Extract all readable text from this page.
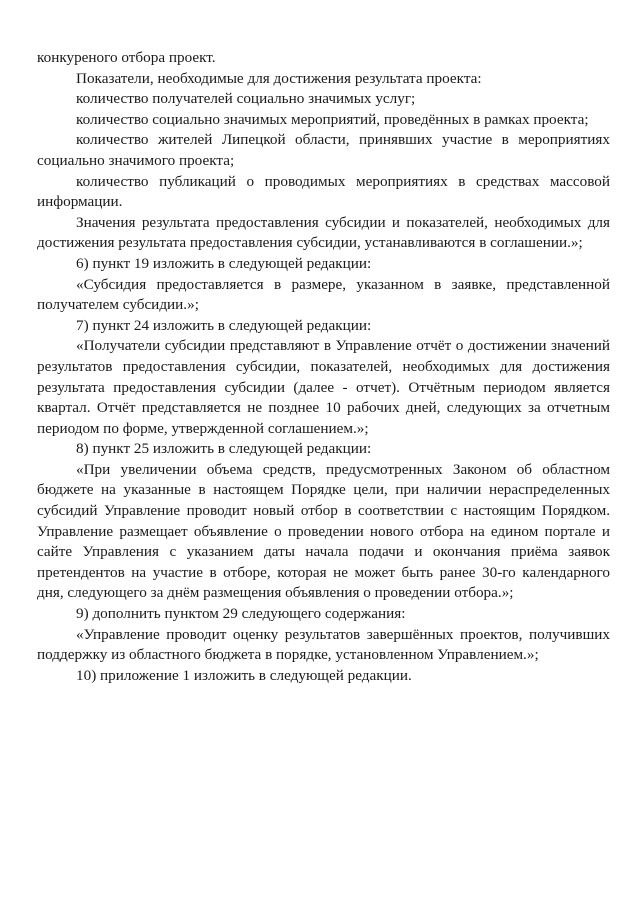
конкуреного отбора проект.

Показатели, необходимые для достижения результата проекта:

количество получателей социально значимых услуг;

количество социально значимых мероприятий, проведённых в рамках проекта;

количество жителей Липецкой области, принявших участие в мероприятиях социально значимого проекта;

количество публикаций о проводимых мероприятиях в средствах массовой информации.

Значения результата предоставления субсидии и показателей, необходимых для достижения результата предоставления субсидии, устанавливаются в соглашении.»;

6) пункт 19 изложить в следующей редакции:

«Субсидия предоставляется в размере, указанном в заявке, представленной получателем субсидии.»;

7) пункт 24 изложить в следующей редакции:

«Получатели субсидии представляют в Управление отчёт о достижении значений результатов предоставления субсидии, показателей, необходимых для достижения результата предоставления субсидии (далее - отчет). Отчётным периодом является квартал. Отчёт представляется не позднее 10 рабочих дней, следующих за отчетным периодом по форме, утвержденной соглашением.»;

8) пункт 25 изложить в следующей редакции:

«При увеличении объема средств, предусмотренных Законом об областном бюджете на указанные в настоящем Порядке цели, при наличии нераспределенных субсидий Управление проводит новый отбор в соответствии с настоящим Порядком. Управление размещает объявление о проведении нового отбора на едином портале и сайте Управления с указанием даты начала подачи и окончания приёма заявок претендентов на участие в отборе, которая не может быть ранее 30-го календарного дня, следующего за днём размещения объявления о проведении отбора.»;

9) дополнить пунктом 29 следующего содержания:

«Управление проводит оценку результатов завершённых проектов, получивших поддержку из областного бюджета в порядке, установленном Управлением.»;

10) приложение 1 изложить в следующей редакции.
